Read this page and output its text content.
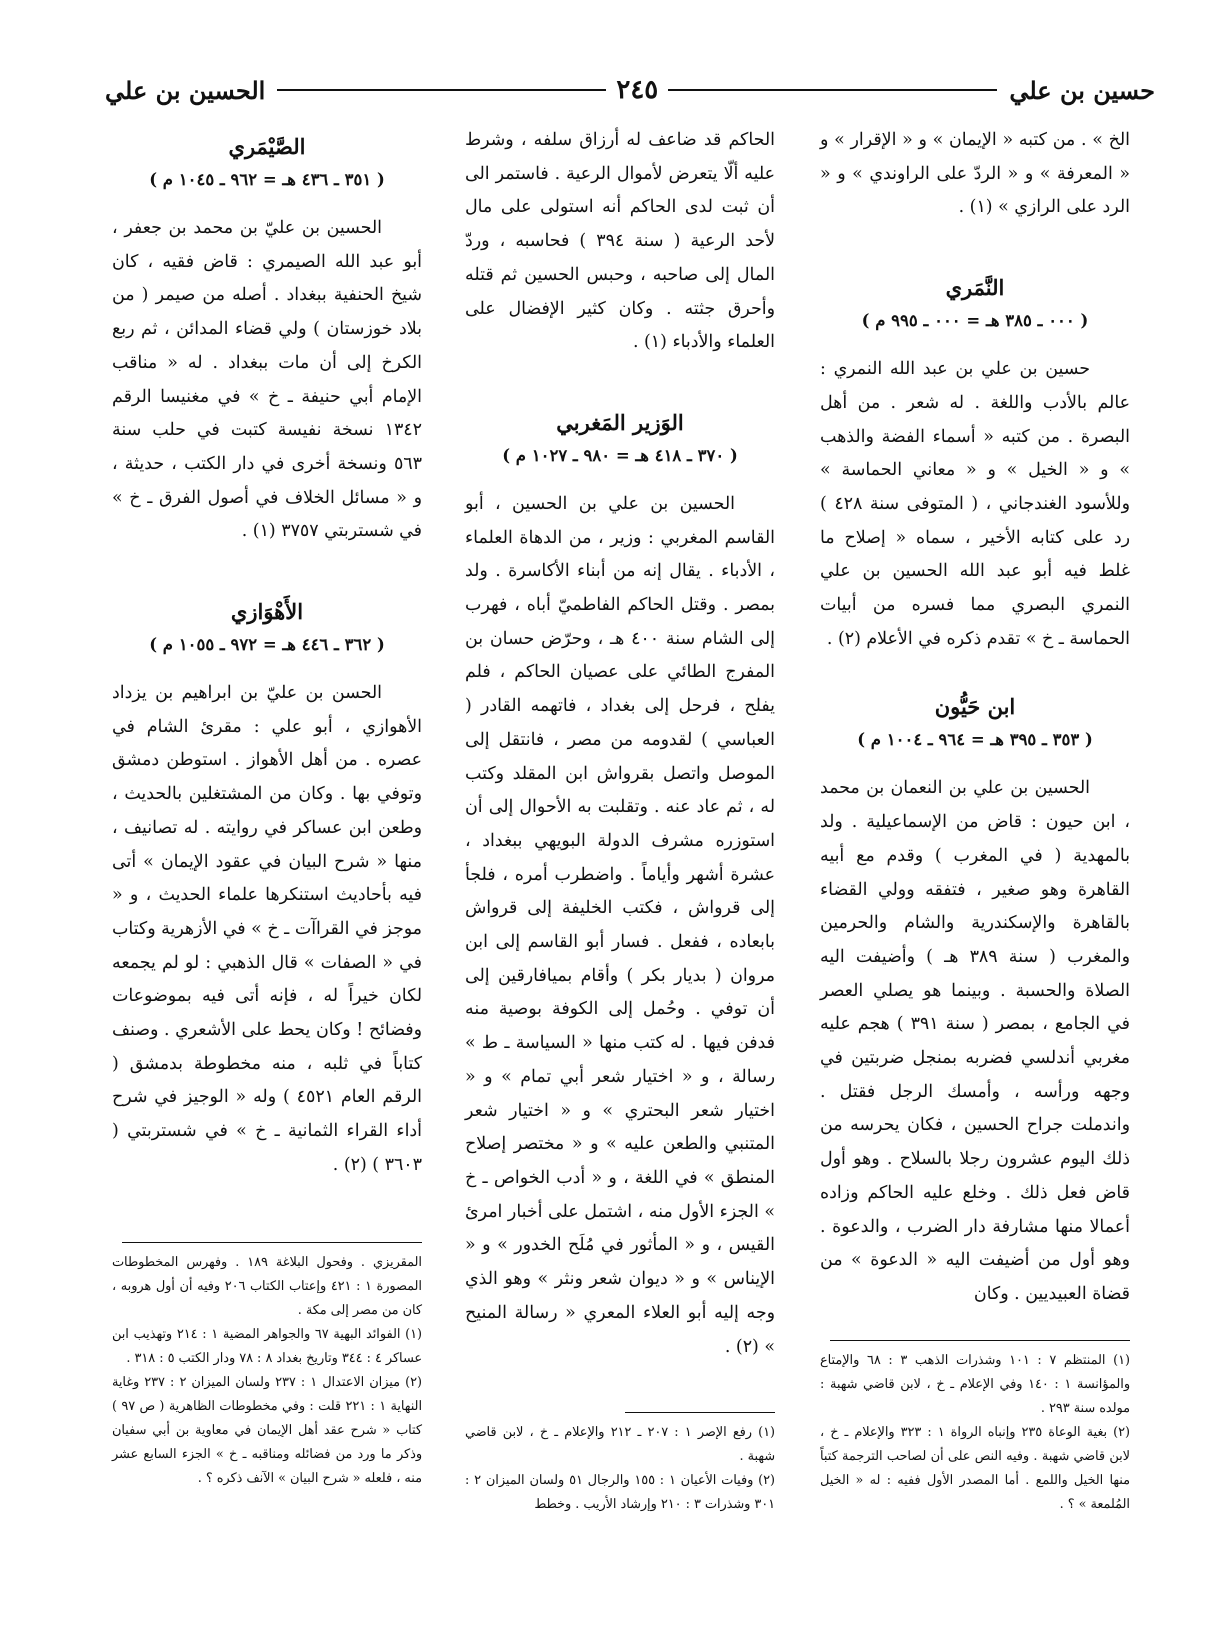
حسين بن علي
٢٤٥
الحسين بن علي

الخ » . من كتبه « الإيمان » و « الإقرار » و « المعرفة » و « الردّ على الراوندي » و « الرد على الرازي » (١) .

النَّمَري
( ٠٠٠ ـ ٣٨٥ هـ = ٠٠٠ ـ ٩٩٥ م )

حسين بن علي بن عبد الله النمري : عالم بالأدب واللغة . له شعر . من أهل البصرة . من كتبه « أسماء الفضة والذهب » و « الخيل » و « معاني الحماسة » وللأسود الغندجاني ، ( المتوفى سنة ٤٢٨ ) رد على كتابه الأخير ، سماه « إصلاح ما غلط فيه أبو عبد الله الحسين بن علي النمري البصري مما فسره من أبيات الحماسة ـ خ » تقدم ذكره في الأعلام (٢) .

ابن حَيُّون
( ٣٥٣ ـ ٣٩٥ هـ = ٩٦٤ ـ ١٠٠٤ م )

الحسين بن علي بن النعمان بن محمد ، ابن حيون : قاض من الإسماعيلية . ولد بالمهدية ( في المغرب ) وقدم مع أبيه القاهرة وهو صغير ، فتفقه وولي القضاء بالقاهرة والإسكندرية والشام والحرمين والمغرب ( سنة ٣٨٩ هـ ) وأضيفت اليه الصلاة والحسبة . وبينما هو يصلي العصر في الجامع ، بمصر ( سنة ٣٩١ ) هجم عليه مغربي أندلسي فضربه بمنجل ضربتين في وجهه ورأسه ، وأمسك الرجل فقتل . واندملت جراح الحسين ، فكان يحرسه من ذلك اليوم عشرون رجلا بالسلاح . وهو أول قاض فعل ذلك . وخلع عليه الحاكم وزاده أعمالا منها مشارفة دار الضرب ، والدعوة . وهو أول من أضيفت اليه « الدعوة » من قضاة العبيديين . وكان

الحاكم قد ضاعف له أرزاق سلفه ، وشرط عليه ألّا يتعرض لأموال الرعية . فاستمر الى أن ثبت لدى الحاكم أنه استولى على مال لأحد الرعية ( سنة ٣٩٤ ) فحاسبه ، وردّ المال إلى صاحبه ، وحبس الحسين ثم قتله وأحرق جثته . وكان كثير الإفضال على العلماء والأدباء (١) .

الوَزير المَغربي
( ٣٧٠ ـ ٤١٨ هـ = ٩٨٠ ـ ١٠٢٧ م )

الحسين بن علي بن الحسين ، أبو القاسم المغربي : وزير ، من الدهاة العلماء ، الأدباء . يقال إنه من أبناء الأكاسرة . ولد بمصر . وقتل الحاكم الفاطميّ أباه ، فهرب إلى الشام سنة ٤٠٠ هـ ، وحرّض حسان بن المفرج الطائي على عصيان الحاكم ، فلم يفلح ، فرحل إلى بغداد ، فاتهمه القادر ( العباسي ) لقدومه من مصر ، فانتقل إلى الموصل واتصل بقرواش ابن المقلد وكتب له ، ثم عاد عنه . وتقلبت به الأحوال إلى أن استوزره مشرف الدولة البويهي ببغداد ، عشرة أشهر وأياماً . واضطرب أمره ، فلجأ إلى قرواش ، فكتب الخليفة إلى قرواش بابعاده ، ففعل . فسار أبو القاسم إلى ابن مروان ( بديار بكر ) وأقام بميافارقين إلى أن توفي . وحُمل إلى الكوفة بوصية منه فدفن فيها . له كتب منها « السياسة ـ ط » رسالة ، و « اختيار شعر أبي تمام » و « اختيار شعر البحتري » و « اختيار شعر المتنبي والطعن عليه » و « مختصر إصلاح المنطق » في اللغة ، و « أدب الخواص ـ خ » الجزء الأول منه ، اشتمل على أخبار امرئ القيس ، و « المأثور في مُلَح الخدور » و « الإيناس » و « ديوان شعر ونثر » وهو الذي وجه إليه أبو العلاء المعري « رسالة المنيح » (٢) .

الصَّيْمَري
( ٣٥١ ـ ٤٣٦ هـ = ٩٦٢ ـ ١٠٤٥ م )

الحسين بن عليّ بن محمد بن جعفر ، أبو عبد الله الصيمري : قاض فقيه ، كان شيخ الحنفية ببغداد . أصله من صيمر ( من بلاد خوزستان ) ولي قضاء المدائن ، ثم ربع الكرخ إلى أن مات ببغداد . له « مناقب الإمام أبي حنيفة ـ خ » في مغنيسا الرقم ١٣٤٢ نسخة نفيسة كتبت في حلب سنة ٥٦٣ ونسخة أخرى في دار الكتب ، حديثة ، و « مسائل الخلاف في أصول الفرق ـ خ » في شستربتي ٣٧٥٧ (١) .

الأَهْوَازي
( ٣٦٢ ـ ٤٤٦ هـ = ٩٧٢ ـ ١٠٥٥ م )

الحسن بن عليّ بن ابراهيم بن يزداد الأهوازي ، أبو علي : مقرئ الشام في عصره . من أهل الأهواز . استوطن دمشق وتوفي بها . وكان من المشتغلين بالحديث ، وطعن ابن عساكر في روايته . له تصانيف ، منها « شرح البيان في عقود الإيمان » أتى فيه بأحاديث استنكرها علماء الحديث ، و « موجز في القراآت ـ خ » في الأزهرية وكتاب في « الصفات » قال الذهبي : لو لم يجمعه لكان خيراً له ، فإنه أتى فيه بموضوعات وفضائح ! وكان يحط على الأشعري . وصنف كتاباً في ثلبه ، منه مخطوطة بدمشق ( الرقم العام ٤٥٢١ ) وله « الوجيز في شرح أداء القراء الثمانية ـ خ » في شستربتي ( ٣٦٠٣ ) (٢) .

(١) المنتظم ٧ : ١٠١ وشذرات الذهب ٣ : ٦٨ والإمتاع والمؤانسة ١ : ١٤٠ وفي الإعلام ـ خ ، لابن قاضي شهبة : مولده سنة ٢٩٣ .

(٢) بغية الوعاة ٢٣٥ وإنباه الرواة ١ : ٣٢٣ والإعلام ـ خ ، لابن قاضي شهبة . وفيه النص على أن لصاحب الترجمة كتباً منها الخيل واللمع . أما المصدر الأول ففيه : له « الخيل المُلمعة » ؟ .

(١) رفع الإصر ١ : ٢٠٧ ـ ٢١٢ والإعلام ـ خ ، لابن قاضي شهبة .

(٢) وفيات الأعيان ١ : ١٥٥ والرجال ٥١ ولسان الميزان ٢ : ٣٠١ وشذرات ٣ : ٢١٠ وإرشاد الأريب . وخطط

المقريزي . وفحول البلاغة ١٨٩ . وفهرس المخطوطات المصورة ١ : ٤٢١ وإعتاب الكتاب ٢٠٦ وفيه أن أول هروبه ، كان من مصر إلى مكة .

(١) الفوائد البهية ٦٧ والجواهر المضية ١ : ٢١٤ وتهذيب ابن عساكر ٤ : ٣٤٤ وتاريخ بغداد ٨ : ٧٨ ودار الكتب ٥ : ٣١٨ .

(٢) ميزان الاعتدال ١ : ٢٣٧ ولسان الميزان ٢ : ٢٣٧ وغاية النهاية ١ : ٢٢١ قلت : وفي مخطوطات الظاهرية ( ص ٩٧ ) كتاب « شرح عقد أهل الإيمان في معاوية بن أبي سفيان وذكر ما ورد من فضائله ومناقبه ـ خ » الجزء السابع عشر منه ، فلعله « شرح البيان » الآنف ذكره ؟ .
